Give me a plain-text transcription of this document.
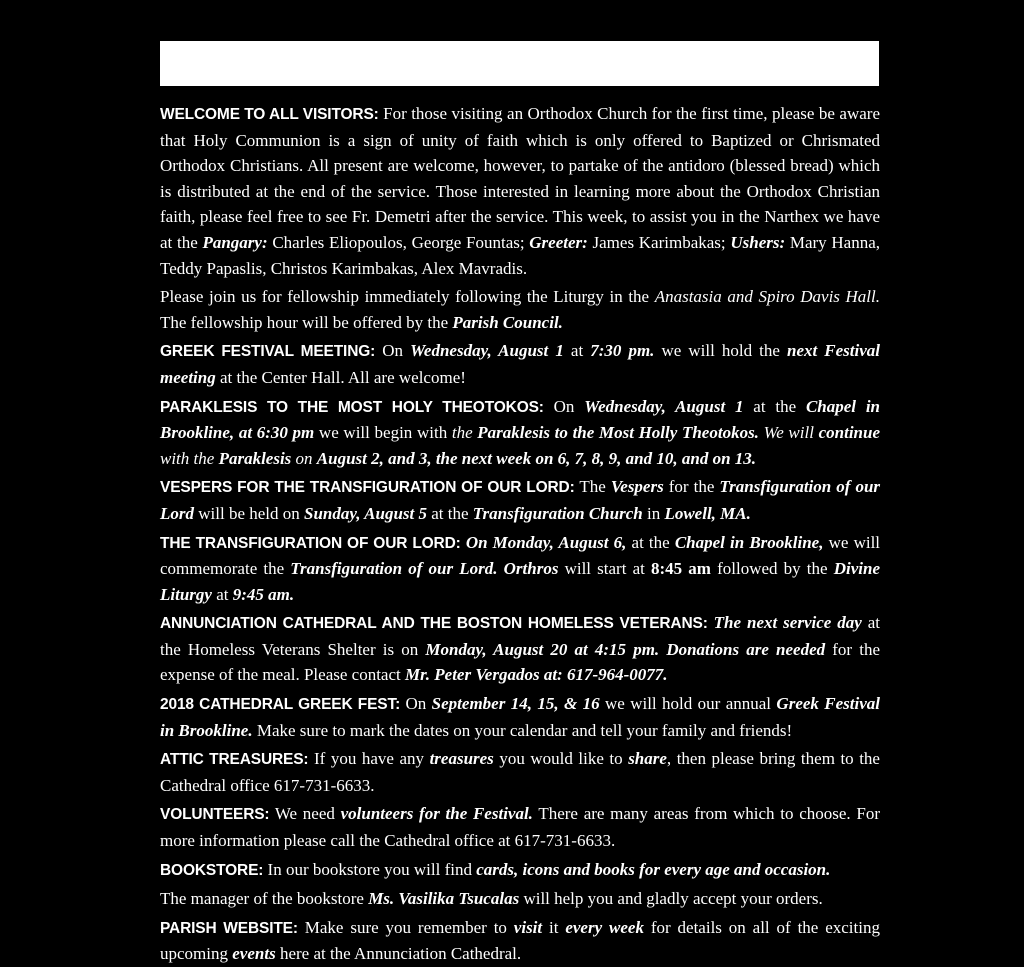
WELCOME TO ALL VISITORS: For those visiting an Orthodox Church for the first time, please be aware that Holy Communion is a sign of unity of faith which is only offered to Baptized or Chrismated Orthodox Christians. All present are welcome, however, to partake of the antidoro (blessed bread) which is distributed at the end of the service. Those interested in learning more about the Orthodox Christian faith, please feel free to see Fr. Demetri after the service. This week, to assist you in the Narthex we have at the Pangary: Charles Eliopoulos, George Fountas; Greeter: James Karimbakas; Ushers: Mary Hanna, Teddy Papaslis, Christos Karimbakas, Alex Mavradis.

Please join us for fellowship immediately following the Liturgy in the Anastasia and Spiro Davis Hall. The fellowship hour will be offered by the Parish Council.

GREEK FESTIVAL MEETING: On Wednesday, August 1 at 7:30 pm. we will hold the next Festival meeting at the Center Hall. All are welcome!

PARAKLESIS TO THE MOST HOLY THEOTOKOS: On Wednesday, August 1 at the Chapel in Brookline, at 6:30 pm we will begin with the Paraklesis to the Most Holly Theotokos. We will continue with the Paraklesis on August 2, and 3, the next week on 6, 7, 8, 9, and 10, and on 13.

VESPERS FOR THE TRANSFIGURATION OF OUR LORD: The Vespers for the Transfiguration of our Lord will be held on Sunday, August 5 at the Transfiguration Church in Lowell, MA.

THE TRANSFIGURATION OF OUR LORD: On Monday, August 6, at the Chapel in Brookline, we will commemorate the Transfiguration of our Lord. Orthros will start at 8:45 am followed by the Divine Liturgy at 9:45 am.

ANNUNCIATION CATHEDRAL AND THE BOSTON HOMELESS VETERANS: The next service day at the Homeless Veterans Shelter is on Monday, August 20 at 4:15 pm. Donations are needed for the expense of the meal. Please contact Mr. Peter Vergados at: 617-964-0077.

2018 CATHEDRAL GREEK FEST: On September 14, 15, & 16 we will hold our annual Greek Festival in Brookline. Make sure to mark the dates on your calendar and tell your family and friends!

ATTIC TREASURES: If you have any treasures you would like to share, then please bring them to the Cathedral office 617-731-6633.

VOLUNTEERS: We need volunteers for the Festival. There are many areas from which to choose. For more information please call the Cathedral office at 617-731-6633.

BOOKSTORE: In our bookstore you will find cards, icons and books for every age and occasion.

The manager of the bookstore Ms. Vasilika Tsucalas will help you and gladly accept your orders.

PARISH WEBSITE: Make sure you remember to visit it every week for details on all of the exciting upcoming events here at the Annunciation Cathedral.
